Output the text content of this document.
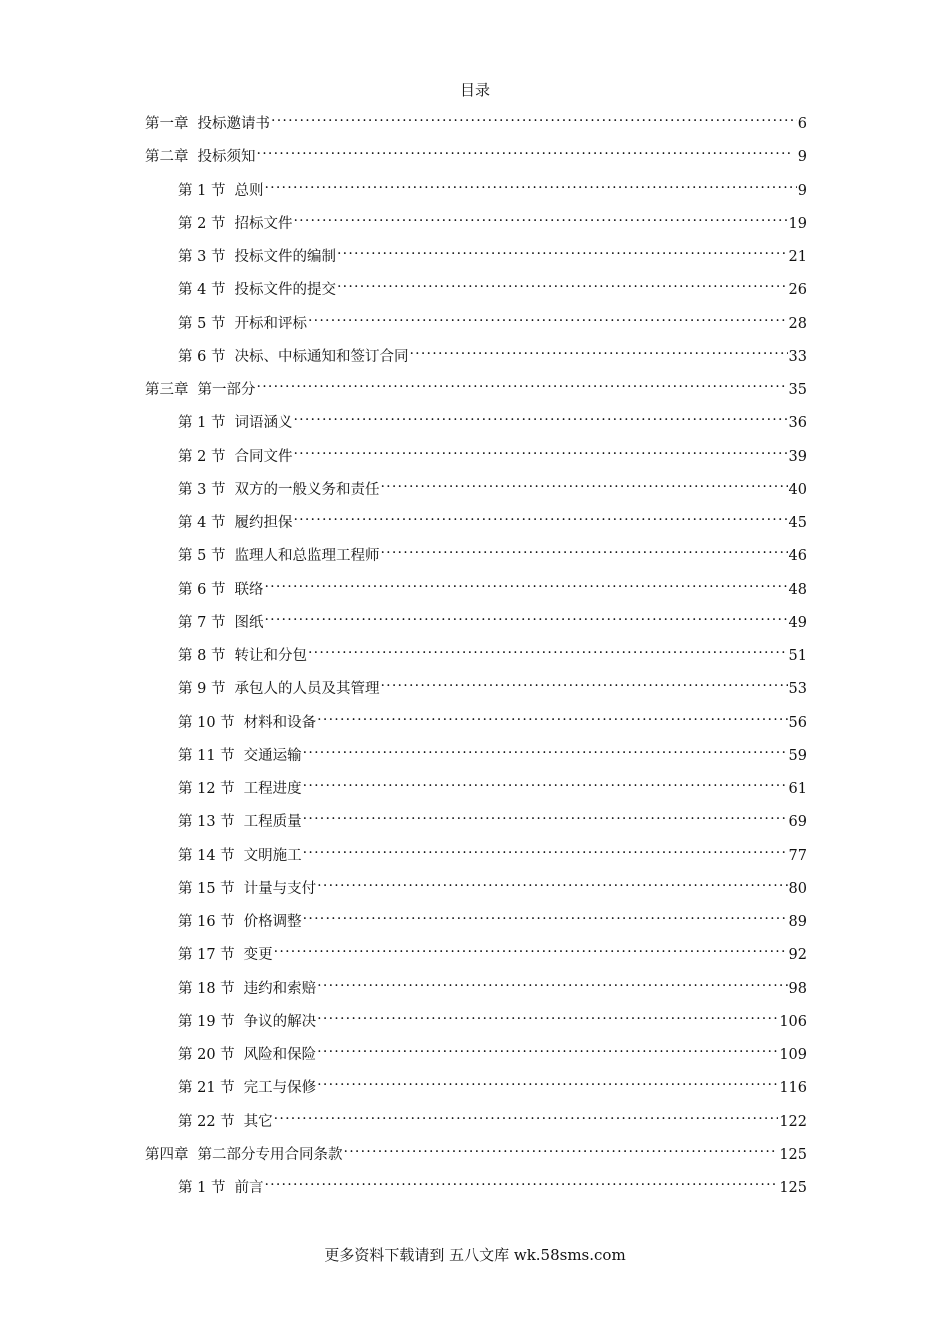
目录
第一章 投标邀请书 . . .	6
第二章 投标须知 . . .	9
第 1 节 总则 . . .	9
第 2 节 招标文件 . . .	19
第 3 节 投标文件的编制 . . .	21
第 4 节 投标文件的提交 . . .	26
第 5 节 开标和评标 . . .	28
第 6 节 决标、中标通知和签订合同 . . .	33
第三章 第一部分 . . .	35
第 1 节 词语涵义 . . .	36
第 2 节 合同文件 . . .	39
第 3 节 双方的一般义务和责任 . . .	40
第 4 节 履约担保 . . .	45
第 5 节 监理人和总监理工程师 . . .	46
第 6 节 联络 . . .	48
第 7 节 图纸 . . .	49
第 8 节 转让和分包 . . .	51
第 9 节 承包人的人员及其管理 . . .	53
第 10 节 材料和设备 . . .	56
第 11 节 交通运输 . . .	59
第 12 节 工程进度 . . .	61
第 13 节 工程质量 . . .	69
第 14 节 文明施工 . . .	77
第 15 节 计量与支付 . . .	80
第 16 节 价格调整 . . .	89
第 17 节 变更 . . .	92
第 18 节 违约和索赔 . . .	98
第 19 节 争议的解决 . . .	106
第 20 节 风险和保险 . . .	109
第 21 节 完工与保修 . . .	116
第 22 节 其它 . . .	122
第四章 第二部分专用合同条款 . . .	125
第 1 节 前言 . . .	125
更多资料下载请到 五八文库 wk.58sms.com
